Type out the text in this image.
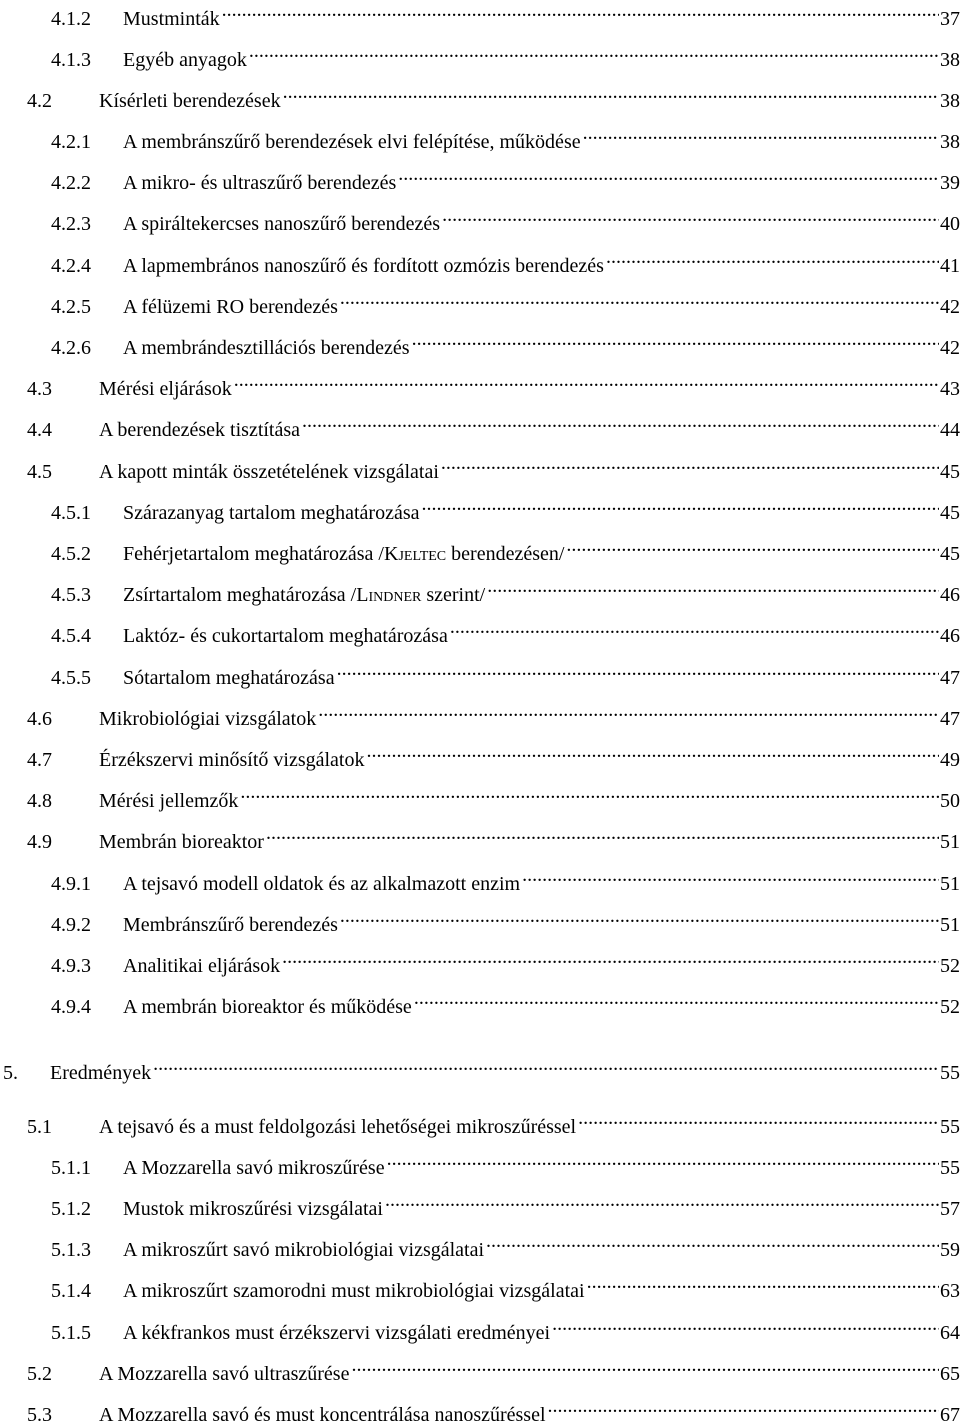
4.1.2	Mustminták .....	37
4.1.3	Egyéb anyagok .....	38
4.2	Kísérleti berendezések .....	38
4.2.1	A membránszűrő berendezések elvi felépítése, működése .....	38
4.2.2	A mikro- és ultraszűrő berendezés .....	39
4.2.3	A spiráltekercses nanoszűrő berendezés .....	40
4.2.4	A lapmembrános nanoszűrő és fordított ozmózis berendezés .....	41
4.2.5	A félüzemi RO berendezés .....	42
4.2.6	A membrándesztillációs berendezés .....	42
4.3	Mérési eljárások .....	43
4.4	A berendezések tisztítása .....	44
4.5	A kapott minták összetételének vizsgálatai .....	45
4.5.1	Szárazanyag tartalom meghatározása .....	45
4.5.2	Fehérjetartalom meghatározása /Kjeltec berendezésen/ .....	45
4.5.3	Zsírtartalom meghatározása /Lindner szerint/ .....	46
4.5.4	Laktóz- és cukortartalom meghatározása .....	46
4.5.5	Sótartalom meghatározása .....	47
4.6	Mikrobiológiai vizsgálatok .....	47
4.7	Érzékszervi minősítő vizsgálatok .....	49
4.8	Mérési jellemzők .....	50
4.9	Membrán bioreaktor .....	51
4.9.1	A tejsavó modell oldatok és az alkalmazott enzim .....	51
4.9.2	Membránszűrő berendezés .....	51
4.9.3	Analitikai eljárások .....	52
4.9.4	A membrán bioreaktor és működése .....	52
5.	Eredmények .....	55
5.1	A tejsavó és a must feldolgozási lehetőségei mikroszűréssel .....	55
5.1.1	A Mozzarella savó mikroszűrése .....	55
5.1.2	Mustok mikroszűrési vizsgálatai .....	57
5.1.3	A mikroszűrt savó mikrobiológiai vizsgálatai .....	59
5.1.4	A mikroszűrt szamorodni must mikrobiológiai vizsgálatai .....	63
5.1.5	A kékfrankos must érzékszervi vizsgálati eredményei .....	64
5.2	A Mozzarella savó ultraszűrése .....	65
5.3	A Mozzarella savó és must koncentrálása nanoszűréssel .....	67
